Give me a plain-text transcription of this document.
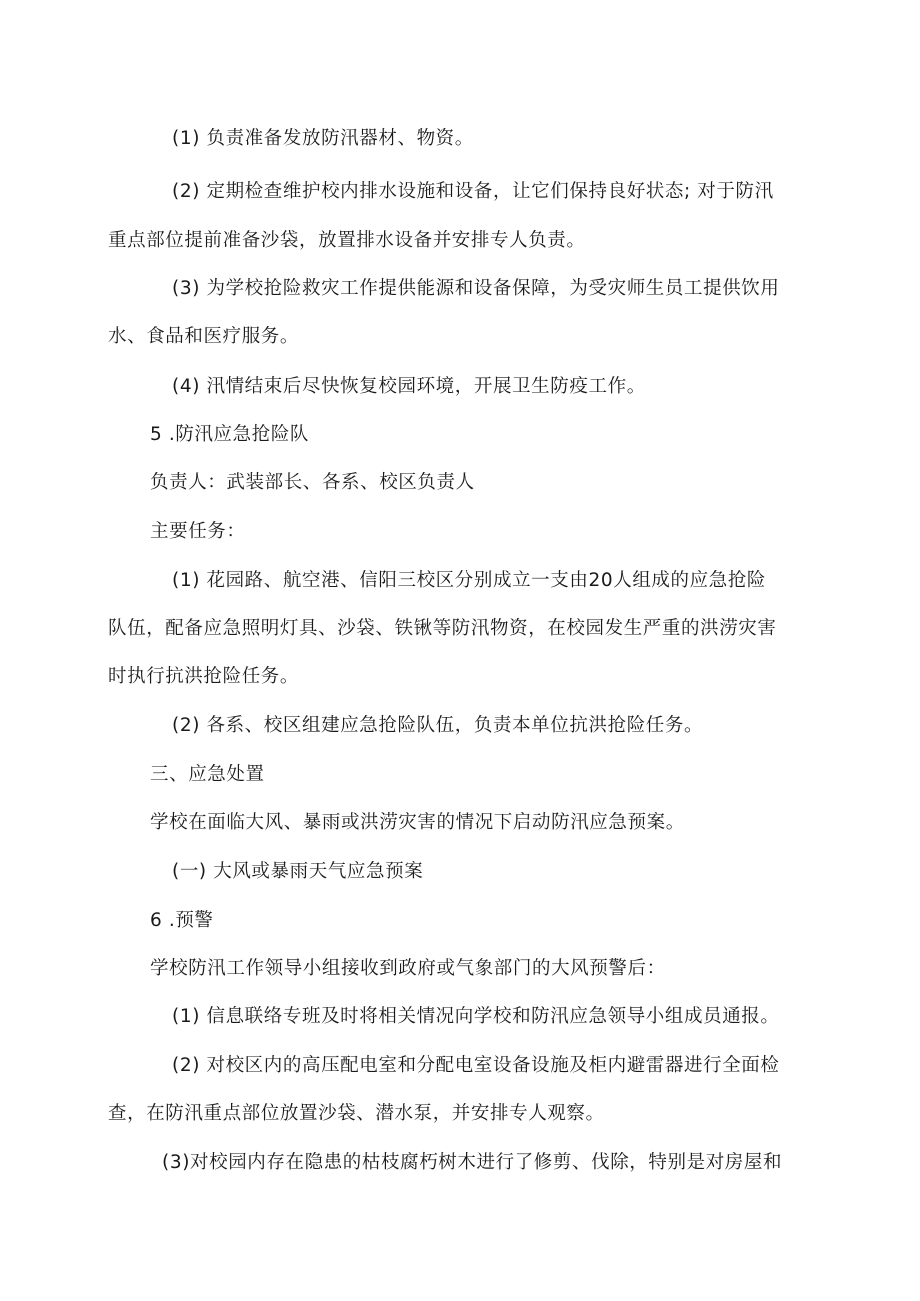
(1) 负责准备发放防汛器材、物资。

(2) 定期检查维护校内排水设施和设备，让它们保持良好状态; 对于防汛

重点部位提前准备沙袋，放置排水设备并安排专人负责。

(3) 为学校抢险救灾工作提供能源和设备保障，为受灾师生员工提供饮用

水、食品和医疗服务。

(4) 汛情结束后尽快恢复校园环境，开展卫生防疫工作。

5 .防汛应急抢险队

负责人：武装部长、各系、校区负责人

主要任务：

(1) 花园路、航空港、信阳三校区分别成立一支由20人组成的应急抢险

队伍，配备应急照明灯具、沙袋、铁锹等防汛物资，在校园发生严重的洪涝灾害

时执行抗洪抢险任务。

(2) 各系、校区组建应急抢险队伍，负责本单位抗洪抢险任务。

三、应急处置

学校在面临大风、暴雨或洪涝灾害的情况下启动防汛应急预案。

(一) 大风或暴雨天气应急预案

6 .预警

学校防汛工作领导小组接收到政府或气象部门的大风预警后：

(1) 信息联络专班及时将相关情况向学校和防汛应急领导小组成员通报。

(2) 对校区内的高压配电室和分配电室设备设施及柜内避雷器进行全面检

查，在防汛重点部位放置沙袋、潜水泵，并安排专人观察。

(3)对校园内存在隐患的枯枝腐朽树木进行了修剪、伐除，特别是对房屋和
